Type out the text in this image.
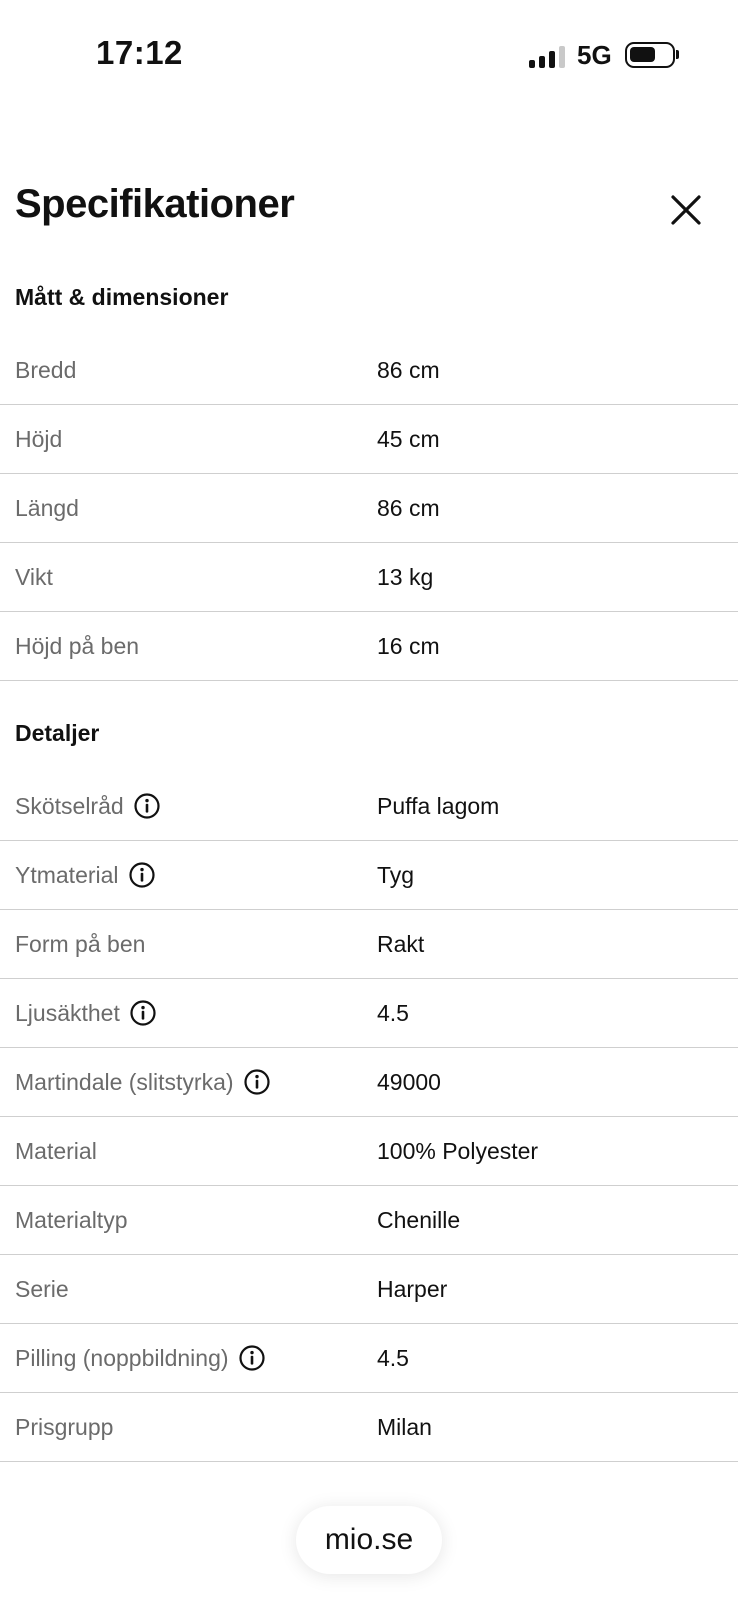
17:12	5G
Specifikationer
Mått & dimensioner
Bredd	86 cm
Höjd	45 cm
Längd	86 cm
Vikt	13 kg
Höjd på ben	16 cm
Detaljer
Skötselråd	Puffa lagom
Ytmaterial	Tyg
Form på ben	Rakt
Ljusäkthet	4.5
Martindale (slitstyrka)	49000
Material	100% Polyester
Materialtyp	Chenille
Serie	Harper
Pilling (noppbildning)	4.5
Prisgrupp	Milan
mio.se
